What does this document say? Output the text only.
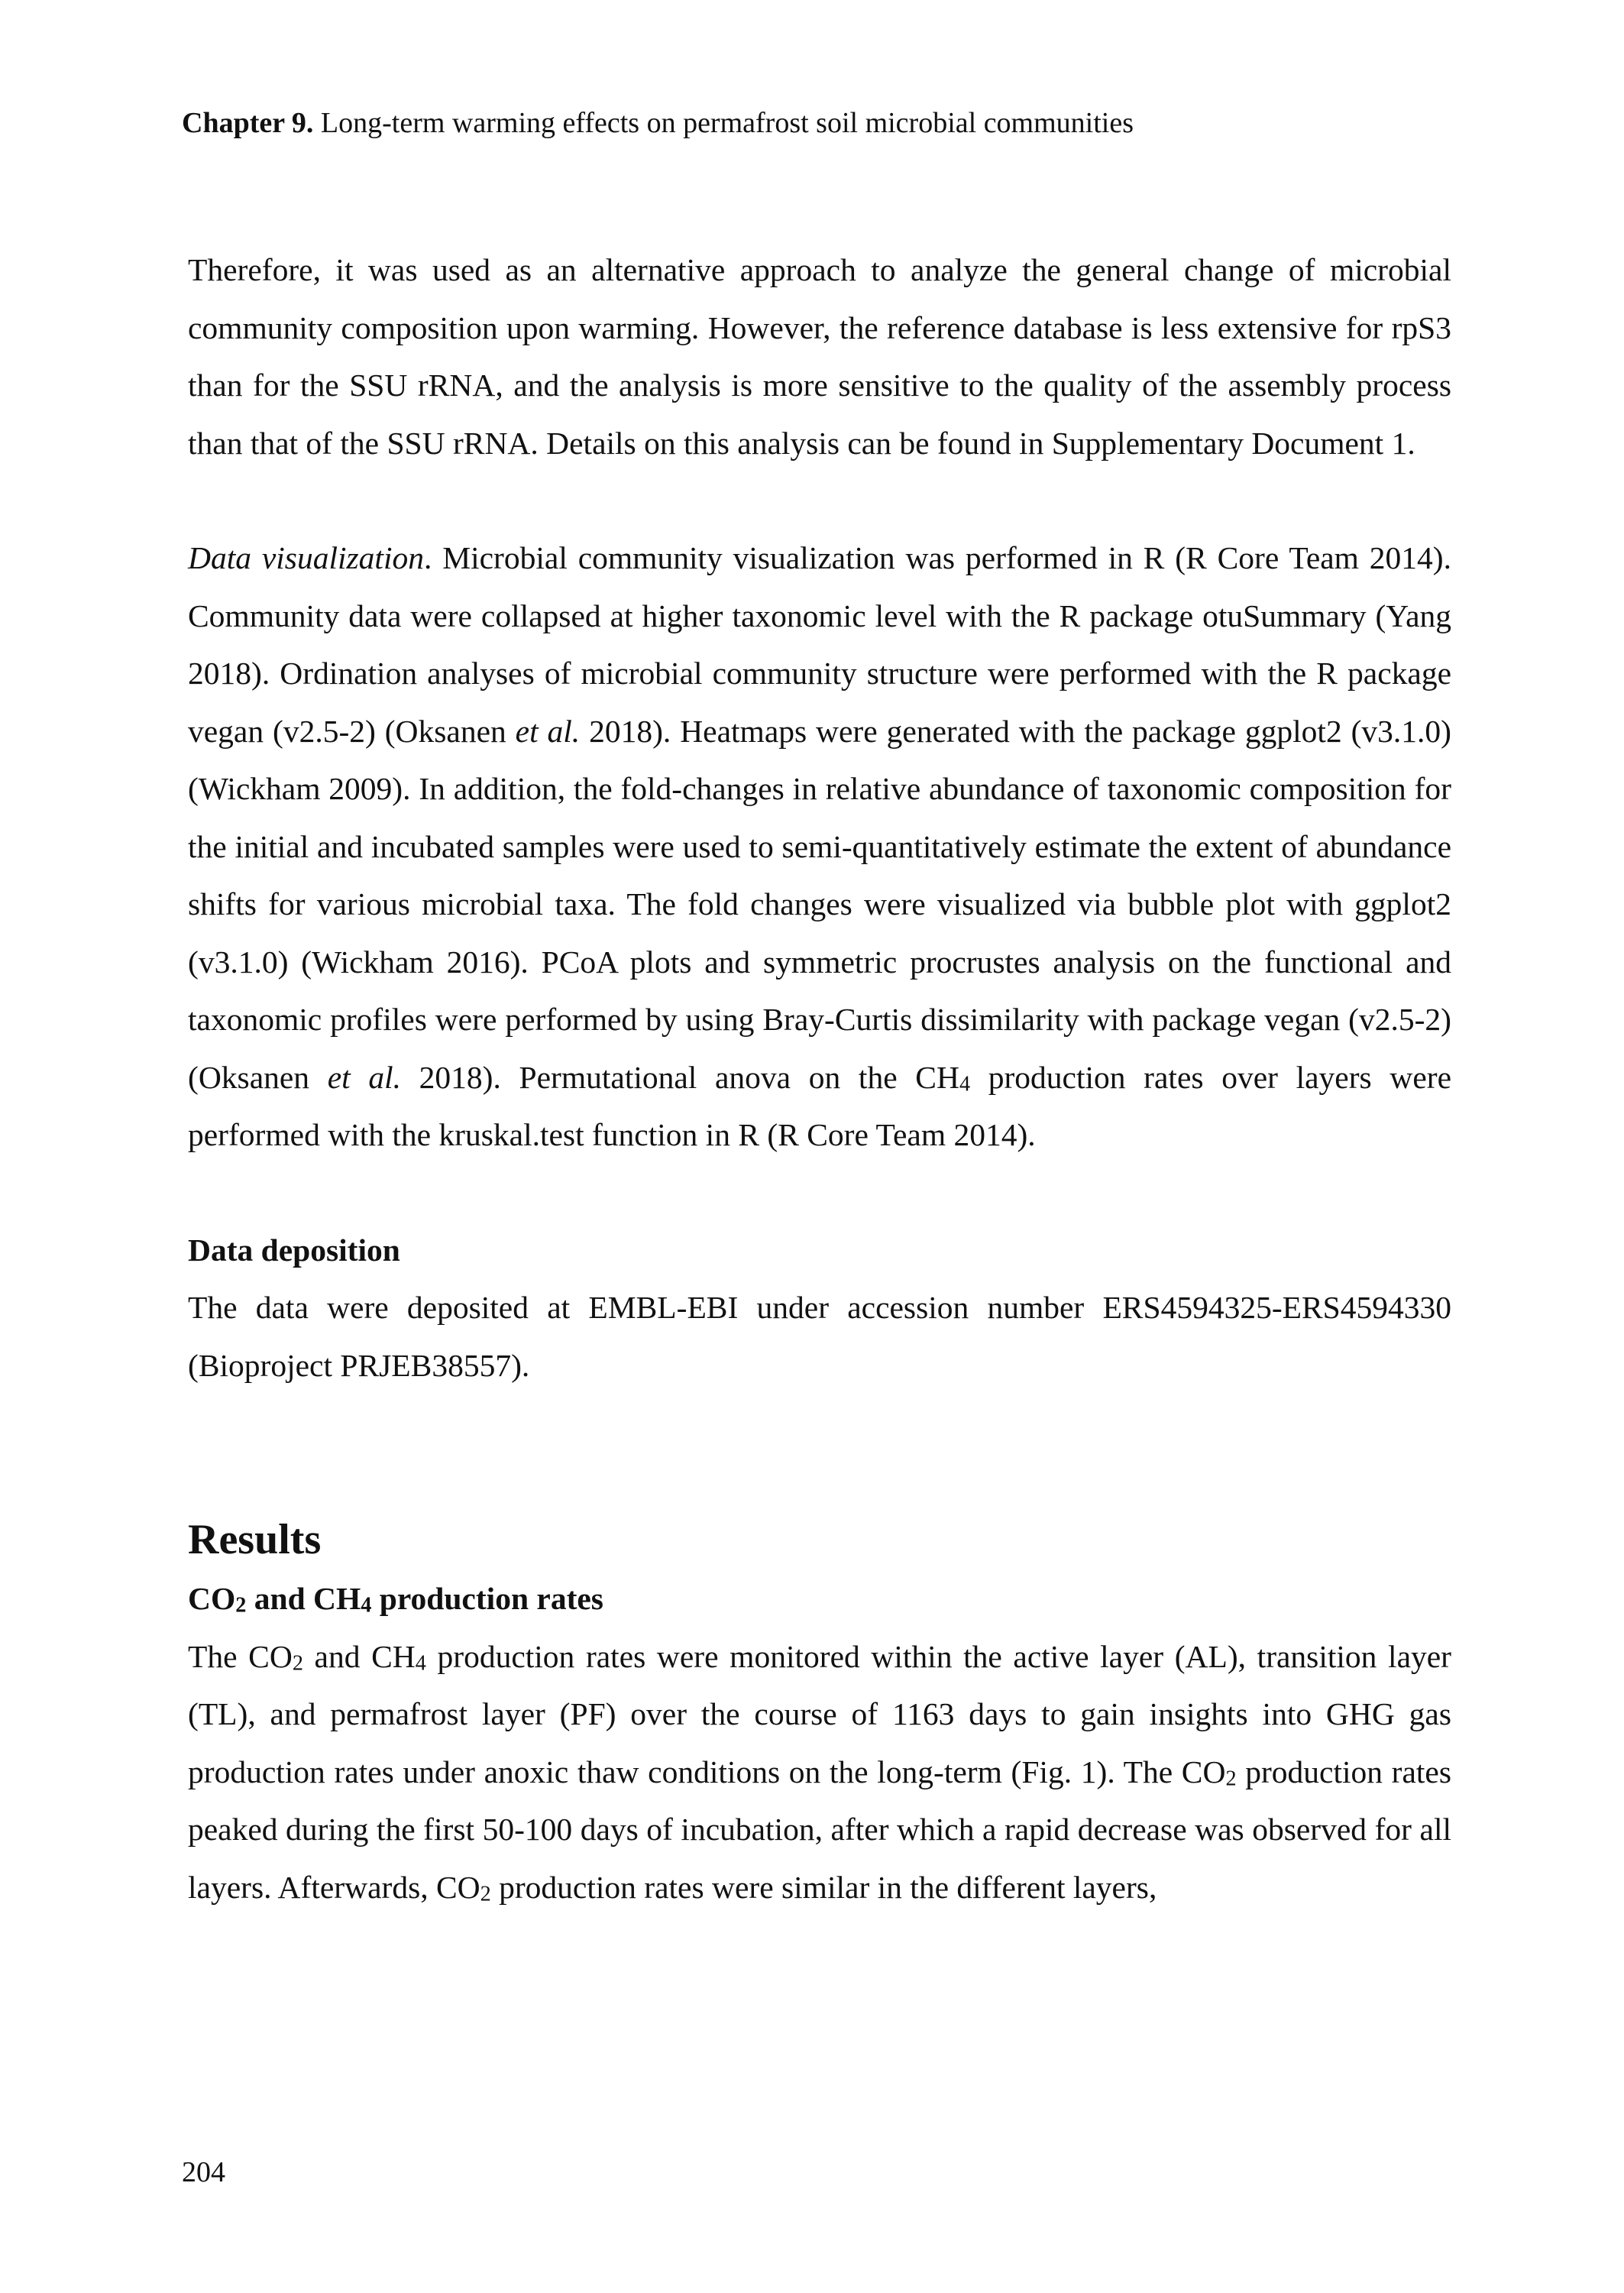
Chapter 9. Long-term warming effects on permafrost soil microbial communities

Therefore, it was used as an alternative approach to analyze the general change of microbial community composition upon warming. However, the reference database is less extensive for rpS3 than for the SSU rRNA, and the analysis is more sensitive to the quality of the assembly process than that of the SSU rRNA. Details on this analysis can be found in Supplementary Document 1.

Data visualization. Microbial community visualization was performed in R (R Core Team 2014). Community data were collapsed at higher taxonomic level with the R package otuSummary (Yang 2018). Ordination analyses of microbial community structure were performed with the R package vegan (v2.5-2) (Oksanen et al. 2018). Heatmaps were generated with the package ggplot2 (v3.1.0) (Wickham 2009). In addition, the fold-changes in relative abundance of taxonomic composition for the initial and incubated samples were used to semi-quantitatively estimate the extent of abundance shifts for various microbial taxa. The fold changes were visualized via bubble plot with ggplot2 (v3.1.0) (Wickham 2016). PCoA plots and symmetric procrustes analysis on the functional and taxonomic profiles were performed by using Bray-Curtis dissimilarity with package vegan (v2.5-2) (Oksanen et al. 2018). Permutational anova on the CH4 production rates over layers were performed with the kruskal.test function in R (R Core Team 2014).

Data deposition

The data were deposited at EMBL-EBI under accession number ERS4594325-ERS4594330 (Bioproject PRJEB38557).

Results
CO2 and CH4 production rates

The CO2 and CH4 production rates were monitored within the active layer (AL), transition layer (TL), and permafrost layer (PF) over the course of 1163 days to gain insights into GHG gas production rates under anoxic thaw conditions on the long-term (Fig. 1). The CO2 production rates peaked during the first 50-100 days of incubation, after which a rapid decrease was observed for all layers. Afterwards, CO2 production rates were similar in the different layers,

204
